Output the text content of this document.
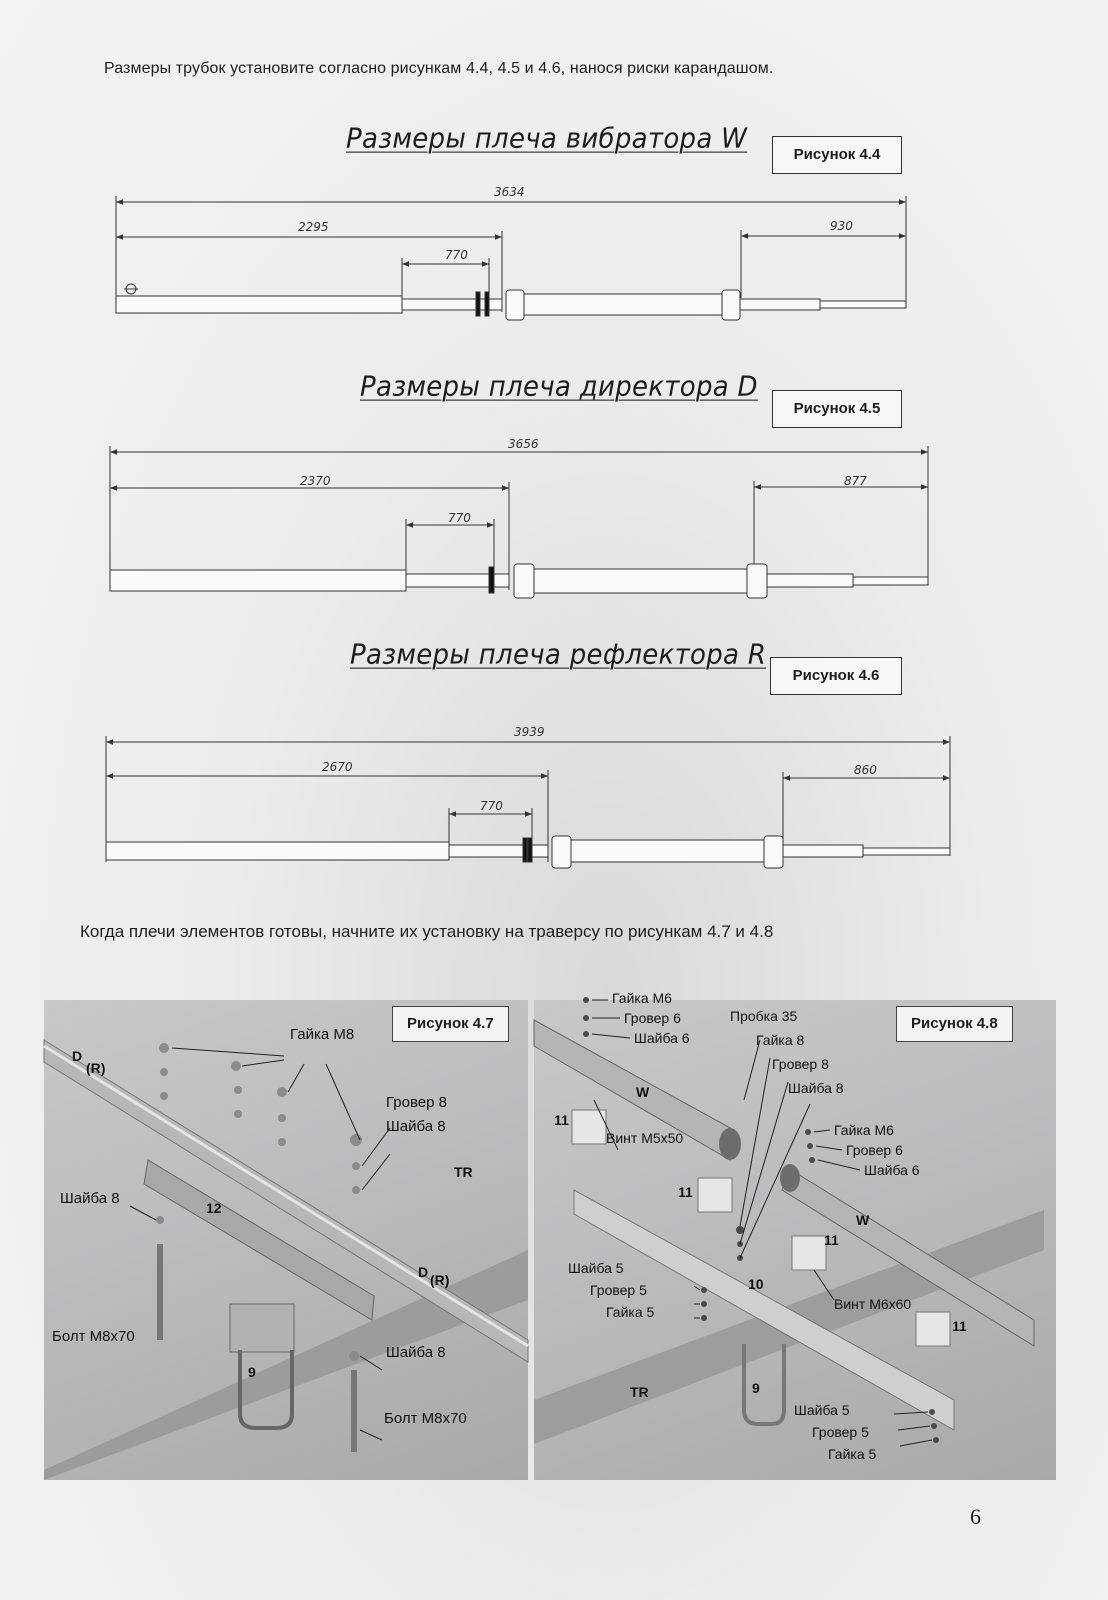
Размеры трубок установите согласно рисункам 4.4, 4.5 и 4.6, нанося риски карандашом.
Размеры плеча вибратора W	Рисунок 4.4
Размеры плеча директора D
Рисунок 4.5
Размеры плеча рефлектора R
Рисунок 4.6
3634
2295
770
930
3656
2370
770
877
3939
2670
770
860
Когда плечи элементов готовы, начните их установку на траверсу по рисункам 4.7 и 4.8
Рисунок 4.7
Гайка М8
Гровер 8
Шайба 8
Шайба 8
Болт М8х70
Шайба 8
Болт М8х70
D
(R)
D (R)
TR
12
9
Рисунок 4.8
Гайка М6
Гровер 6
Шайба 6
Пробка 35
Гайка 8
Гровер 8
Шайба 8
Гайка М6
Гровер 6
Шайба 6
Винт М5х50
Шайба 5
Гровер 5
Гайка 5	Винт М6х60
Шайба 5
Гровер 5
Гайка 5
W
W
TR
10
9
11
11
11
11
6
